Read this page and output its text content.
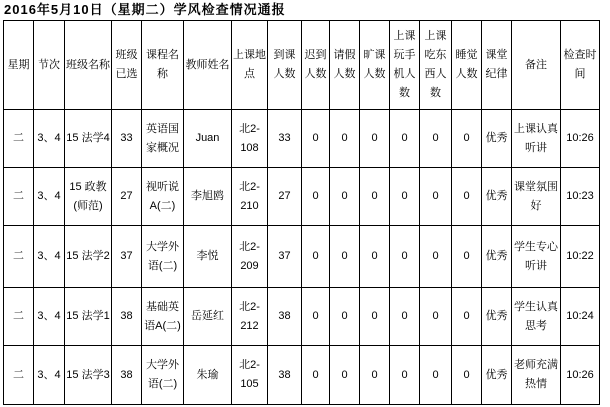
2016年5月10日（星期二）学风检查情况通报
星期	节次	班级名称	班级已选	课程名称	教师姓名	上课地点	到课人数	迟到人数	请假人数	旷课人数	上课玩手机人数	上课吃东西人数	睡觉人数	课堂纪律	备注	检查时间
二	3、4	15 法学4	33	英语国家概况	Juan	北2-108	33	0	0	0	0	0	0	优秀	上课认真听讲	10:26
二	3、4	15 政教(师范)	27	视听说A(二)	李旭鸥	北2-210	27	0	0	0	0	0	0	优秀	课堂氛围好	10:23
二	3、4	15 法学2	37	大学外语(二)	李悦	北2-209	37	0	0	0	0	0	0	优秀	学生专心听讲	10:22
二	3、4	15 法学1	38	基础英语A(二)	岳延红	北2-212	38	0	0	0	0	0	0	优秀	学生认真思考	10:24
二	3、4	15 法学3	38	大学外语(二)	朱瑜	北2-105	38	0	0	0	0	0	0	优秀	老师充满热情	10:26
